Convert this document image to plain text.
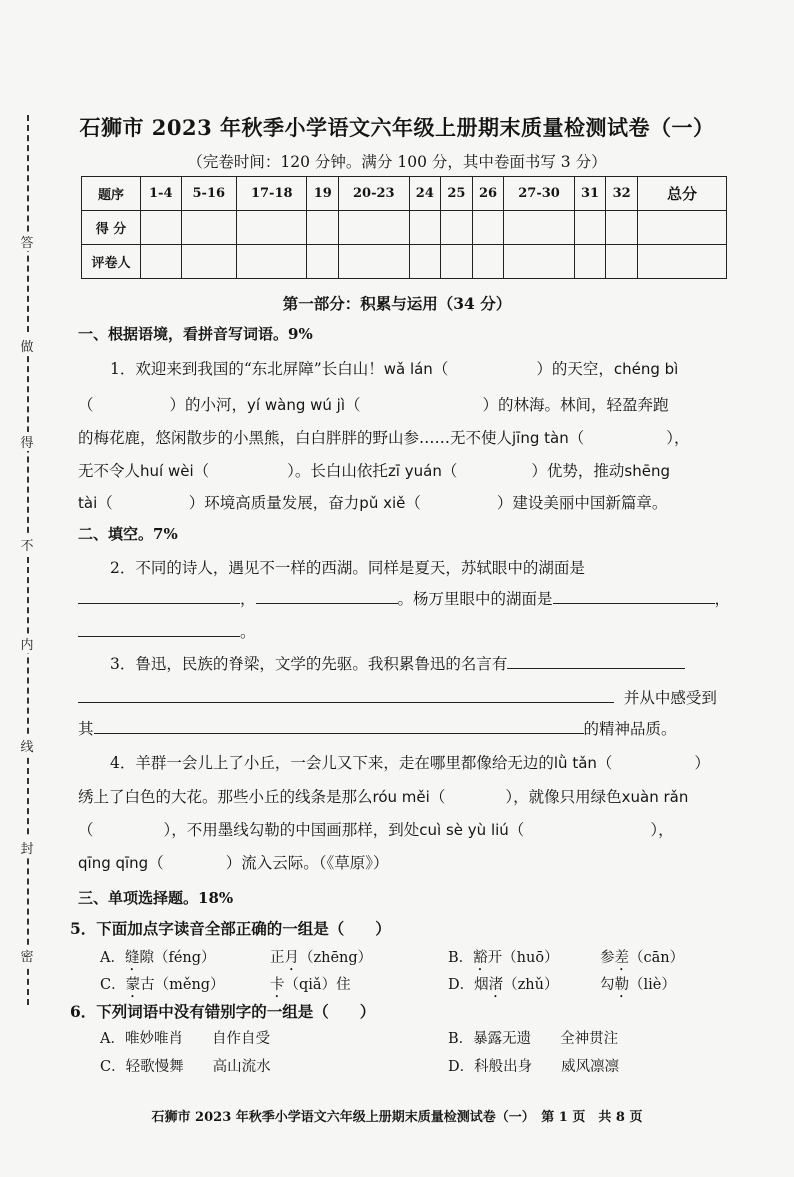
答
做
得
不
内
线
封
密
石狮市 2023 年秋季小学语文六年级上册期末质量检测试卷（一）
（完卷时间：120 分钟。满分 100 分，其中卷面书写 3 分）
题序	1-4	5-16	17-18	19	20-23	24	25	26	27-30	31	32	总分
得 分												
评卷人												
第一部分：积累与运用（34 分）
一、根据语境，看拼音写词语。9%
1．欢迎来到我国的“东北屏障”长白山！wǎ lán（	）的天空，chéng bì
（	）的小河，yí wàng wú jì（	）的林海。林间，轻盈奔跑
的梅花鹿，悠闲散步的小黑熊，白白胖胖的野山参……无不使人jīng tàn（	），
无不令人huí wèi（	）。长白山依托zī yuán（	）优势，推动shēng
tài（	）环境高质量发展，奋力pǔ xiě（	）建设美丽中国新篇章。
二、填空。7%
2．不同的诗人，遇见不一样的西湖。同样是夏天，苏轼眼中的湖面是
，	。杨万里眼中的湖面是	，
。
3．鲁迅，民族的脊梁，文学的先驱。我积累鲁迅的名言有
并从中感受到
其	的精神品质。
4．羊群一会儿上了小丘，一会儿又下来，走在哪里都像给无边的lǜ tǎn（	）
绣上了白色的大花。那些小丘的线条是那么róu měi（	），就像只用绿色xuàn rǎn
（	），不用墨线勾勒的中国画那样，到处cuì sè yù liú（	），
qīng qīng（	）流入云际。（《草原》）
三、单项选择题。18%
5．下面加点字读音全部正确的一组是（　　）
A．缝隙（féng）	正月（zhēng）	B．豁开（huō）	参差（cān）
C．蒙古（měng）	卡（qiǎ）住	D．烟渚（zhǔ）	勾勒（liè）
6．下列词语中没有错别字的一组是（　　）
A．唯妙唯肖　　自作自受	B．暴露无遗　　全神贯注
C．轻歌慢舞　　高山流水	D．科般出身　　威风凛凛
石狮市 2023 年秋季小学语文六年级上册期末质量检测试卷（一）　第 1 页　共 8 页
